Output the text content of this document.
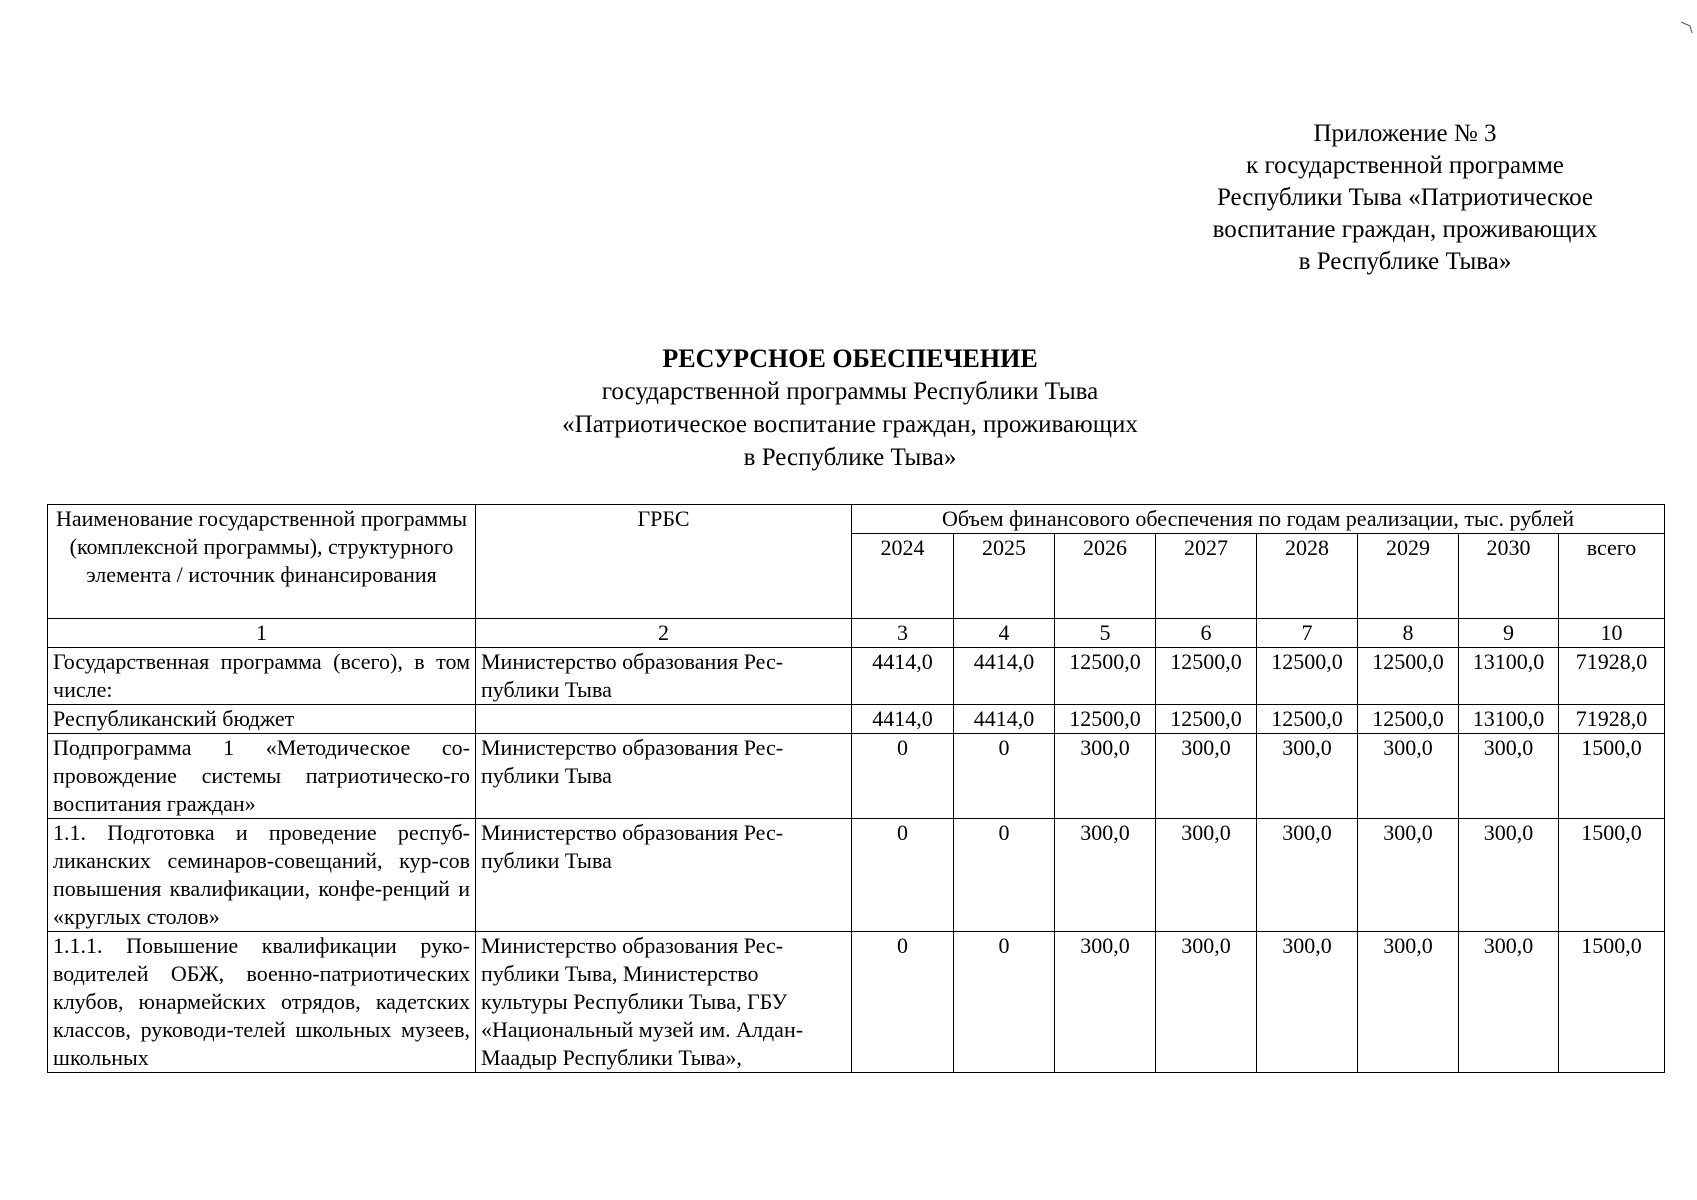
Приложение № 3
к государственной программе
Республики Тыва «Патриотическое
воспитание граждан, проживающих
в Республике Тыва»
РЕСУРСНОЕ ОБЕСПЕЧЕНИЕ
государственной программы Республики Тыва
«Патриотическое воспитание граждан, проживающих
в Республике Тыва»
Наименование государственной программы (комплексной программы), структурного элемента / источник финансирования	ГРБС	Объем финансового обеспечения по годам реализации, тыс. рублей							
		2024	2025	2026	2027	2028	2029	2030	всего
1	2	3	4	5	6	7	8	9	10
Государственная программа (всего), в том числе:	Министерство образования Рес-публики Тыва	4414,0	4414,0	12500,0	12500,0	12500,0	12500,0	13100,0	71928,0
Республиканский бюджет		4414,0	4414,0	12500,0	12500,0	12500,0	12500,0	13100,0	71928,0
Подпрограмма 1 «Методическое со-провождение системы патриотическо-го воспитания граждан»	Министерство образования Рес-публики Тыва	0	0	300,0	300,0	300,0	300,0	300,0	1500,0
1.1. Подготовка и проведение респуб-ликанских семинаров-совещаний, кур-сов повышения квалификации, конфе-ренций и «круглых столов»	Министерство образования Рес-публики Тыва	0	0	300,0	300,0	300,0	300,0	300,0	1500,0
1.1.1. Повышение квалификации руко-водителей ОБЖ, военно-патриотических клубов, юнармейских отрядов, кадетских классов, руководи-телей школьных музеев, школьных	Министерство образования Рес-публики Тыва, Министерство культуры Республики Тыва, ГБУ «Национальный музей им. Алдан-Маадыр Республики Тыва»,	0	0	300,0	300,0	300,0	300,0	300,0	1500,0
